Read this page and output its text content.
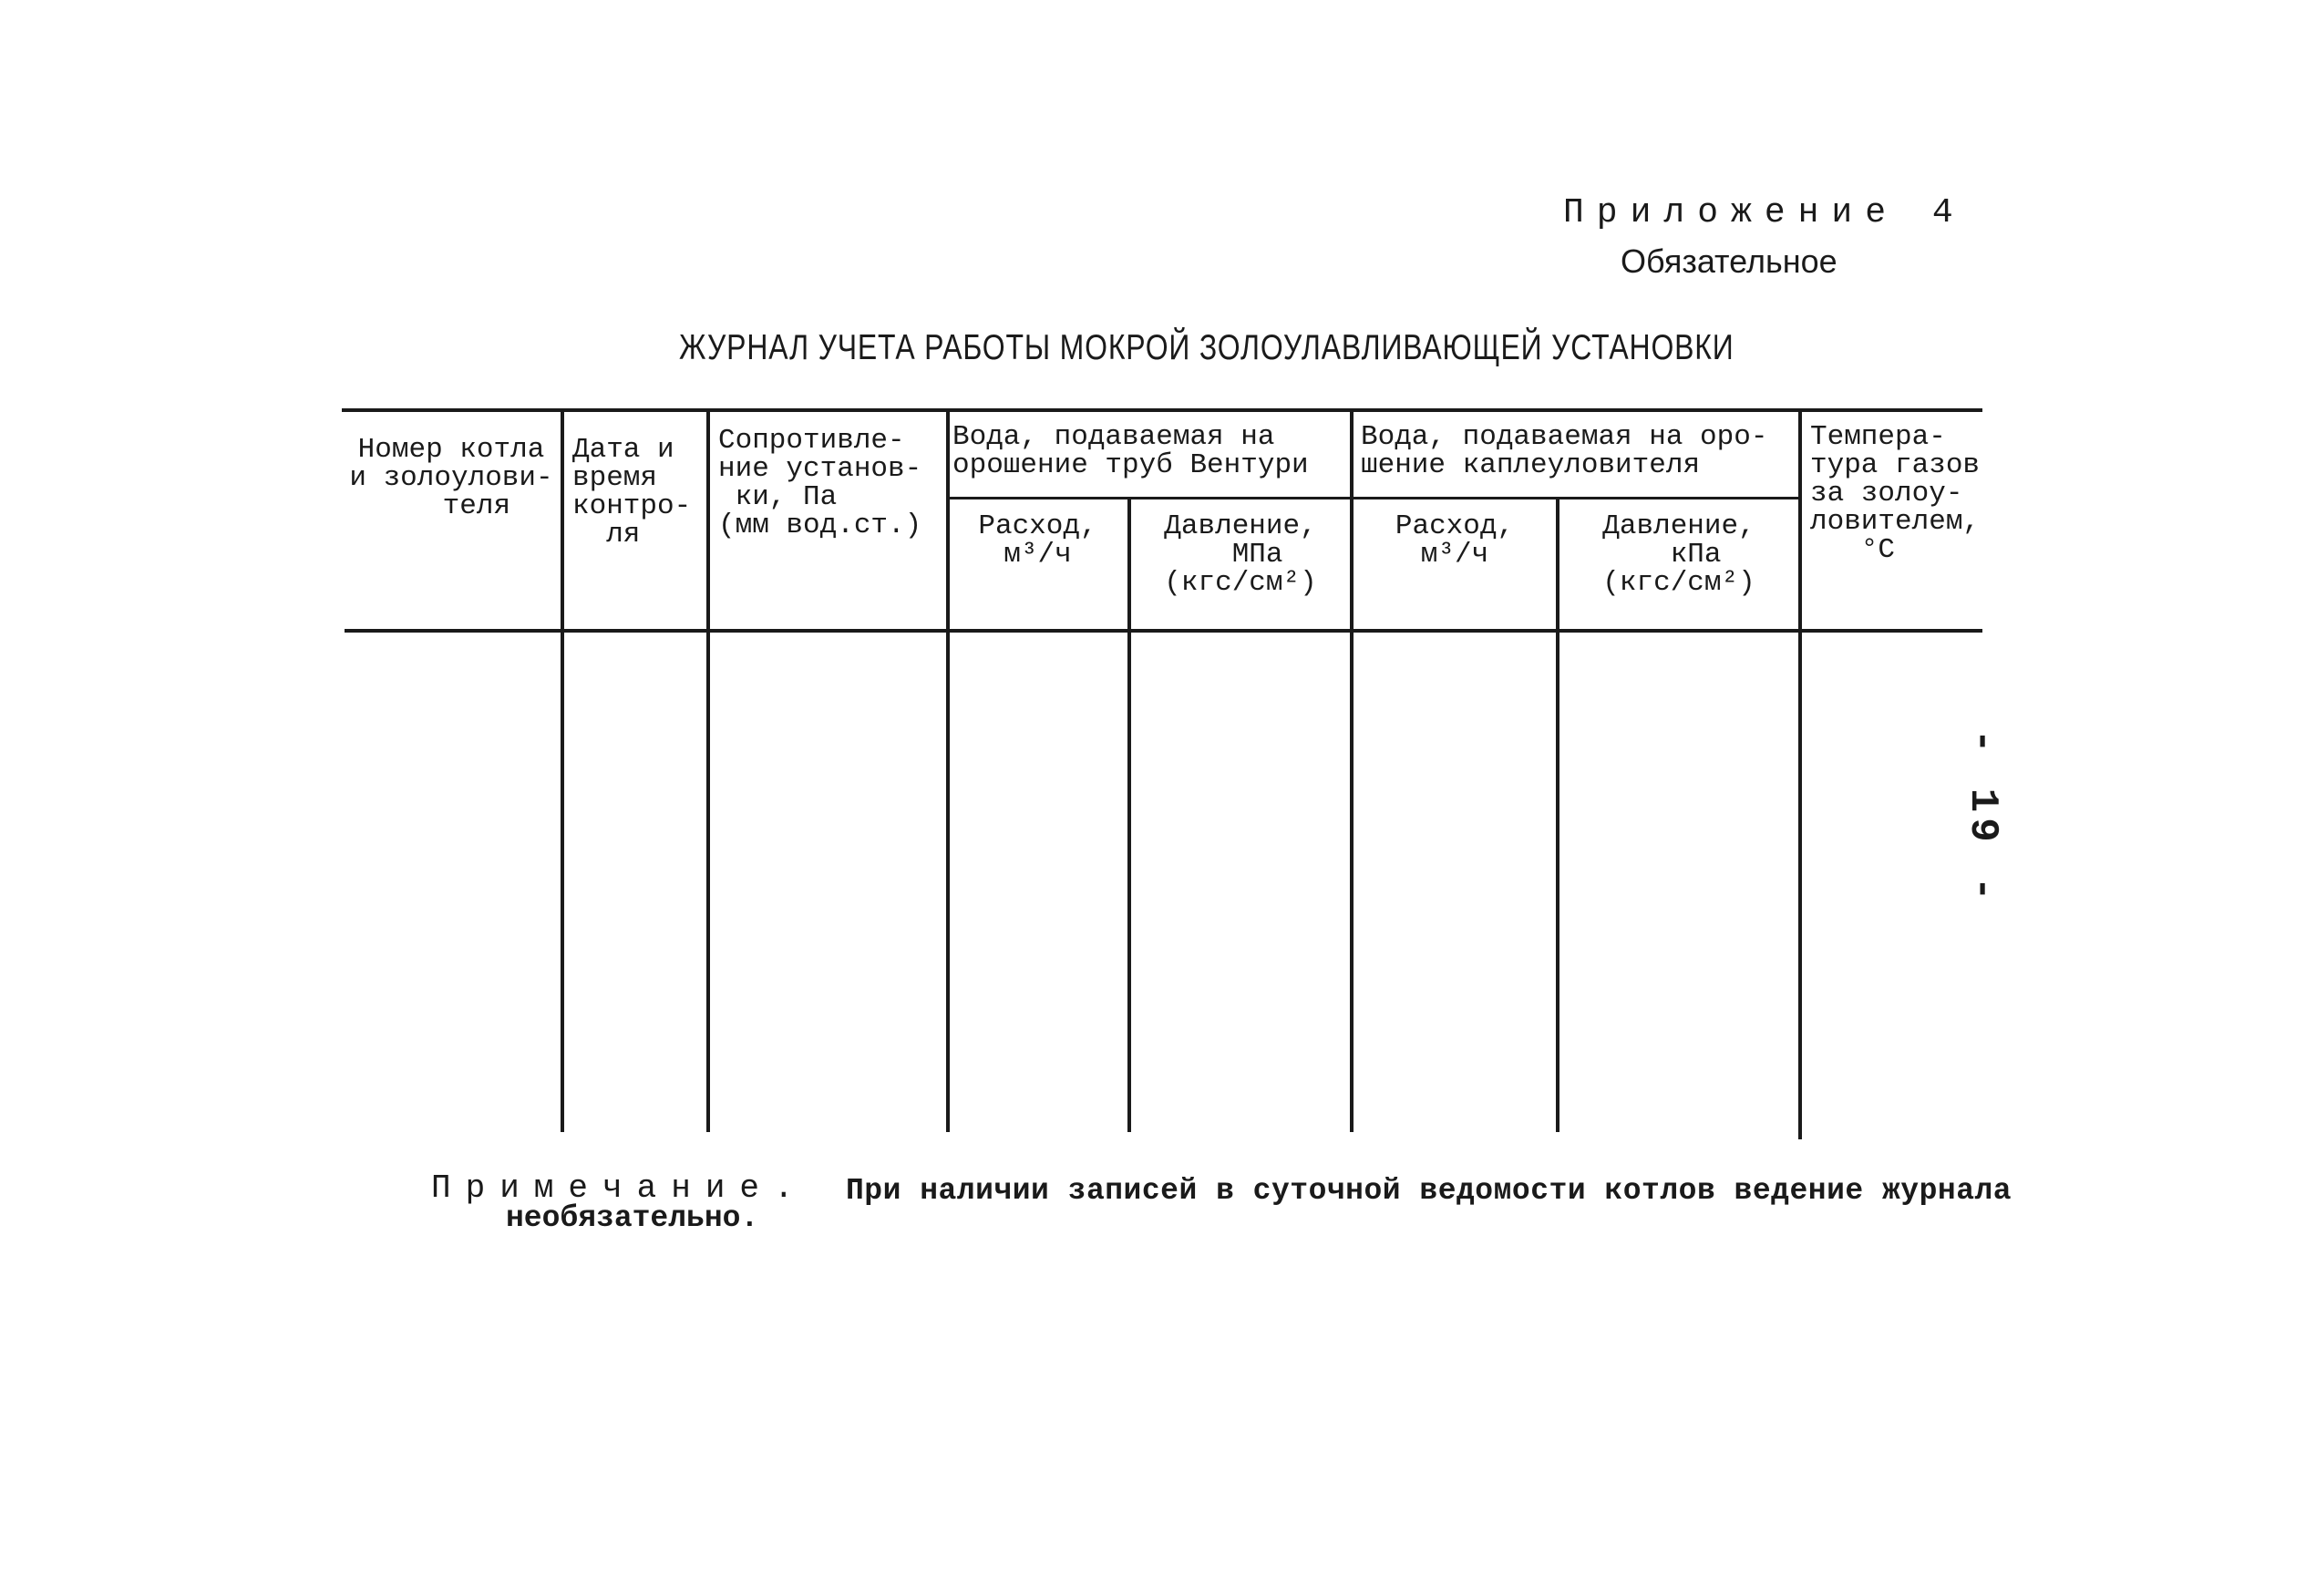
Приложение 4
Обязательное
ЖУРНАЛ УЧЕТА РАБОТЫ МОКРОЙ ЗОЛОУЛАВЛИВАЮЩЕЙ УСТАНОВКИ
Номер котла
и золоулови-
теля
Дата и
время
контро-
ля
Сопротивле-
ние установ-
ки, Па
(мм вод.ст.)
Вода, подаваемая на
орошение труб Вентури
Расход,
м³/ч
Давление,
МПа
(кгс/см²)
Вода, подаваемая на оро-
шение каплеуловителя
Расход,
м³/ч
Давление,
кПа
(кгс/см²)
Темпера-
тура газов
за золоу-
ловителем,
°С
- 19 -
Примечание. При наличии записей в суточной ведомости котлов ведение журнала
необязательно.
